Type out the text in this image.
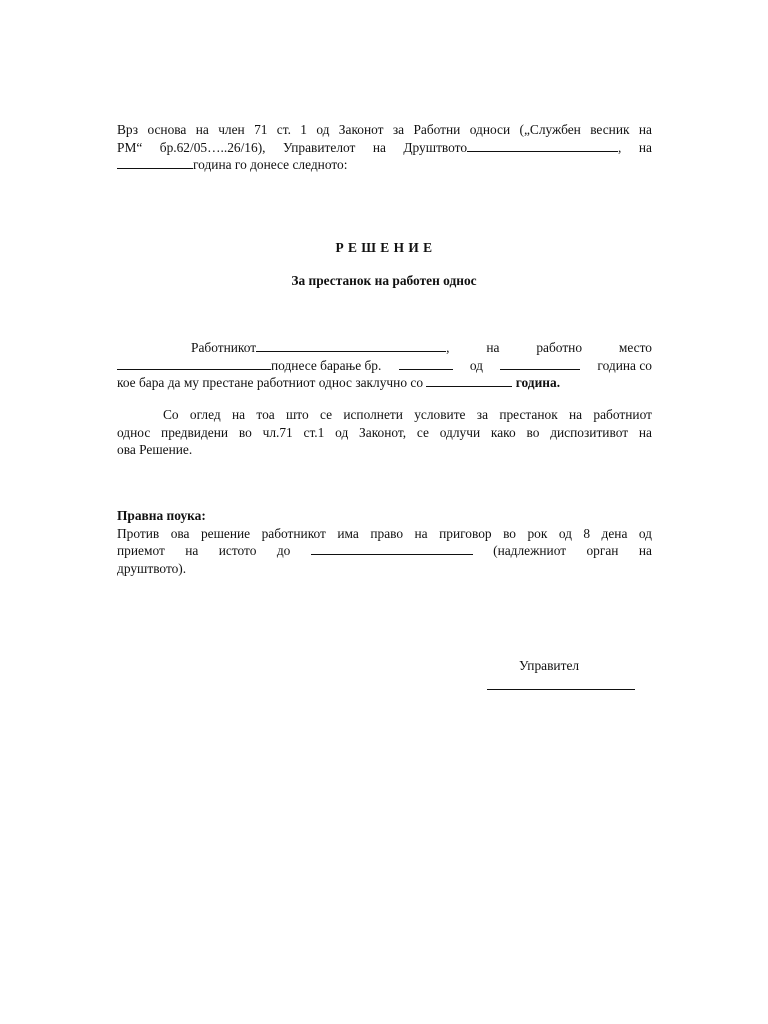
Врз основа на член 71 ст. 1 од Законот за Работни односи („Службен весник на
РМ“ бр.62/05…..26/16), Управителот на Друштвото	, на
година го донесе следното:
Р Е Ш Е Н И Е
За престанок на работен однос
Работникот	,	на	работно	место
поднесе барање бр.	од	година со
кое бара да му престане работниот однос заклучно со	година.
Со оглед на тоа што се исполнети условите за престанок на работниот
однос предвидени во чл.71 ст.1 од Законот, се одлучи како во диспозитивот на
ова Решение.
Правна поука:
Против ова решение работникот има право на приговор во рок од 8 дена од
приемот на истото до	(надлежниот орган на
друштвото).
Управител
